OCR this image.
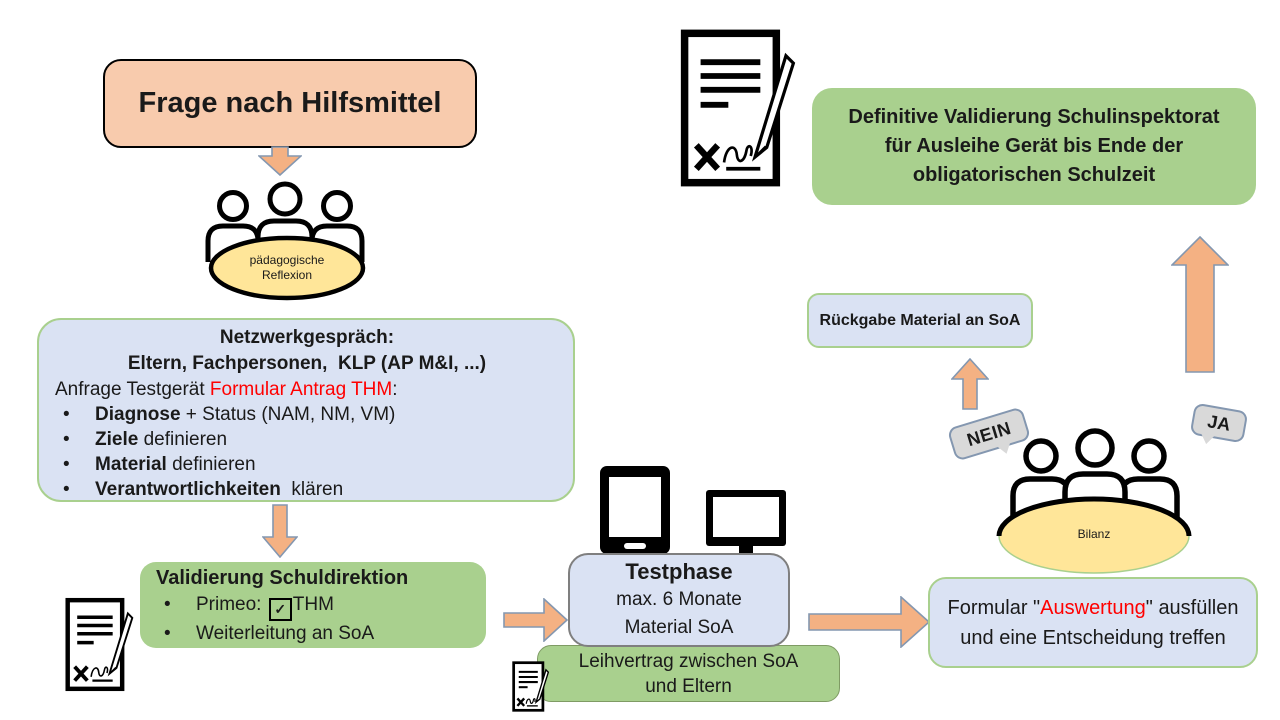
Frage nach Hilfsmittel
pädagogische
Reflexion
Netzwerkgespräch:
Eltern, Fachpersonen,  KLP (AP M&I, ...)
Anfrage Testgerät Formular Antrag THM:
• Diagnose + Status (NAM, NM, VM)
• Ziele definieren
• Material definieren
• Verantwortlichkeiten  klären
Validierung Schuldirektion
• Primeo: ✓ THM
• Weiterleitung an SoA
Leihvertrag zwischen SoA
und Eltern
Testphase
max. 6 Monate
Material SoA
Formular "Auswertung" ausfüllen
und eine Entscheidung treffen
Bilanz
NEIN	JA
Rückgabe Material an SoA
Definitive Validierung Schulinspektorat
für Ausleihe Gerät bis Ende der
obligatorischen Schulzeit
